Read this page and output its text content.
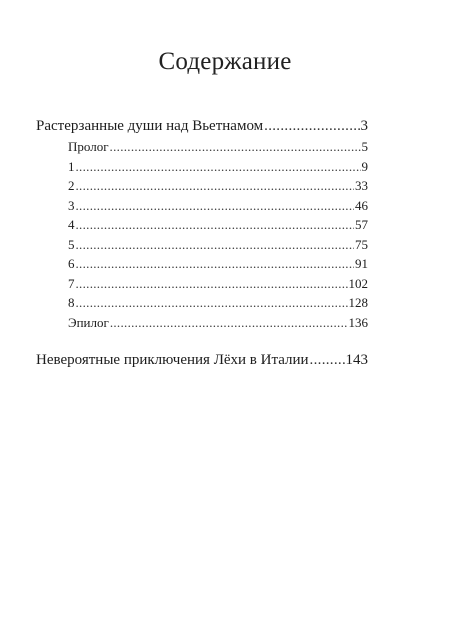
Содержание
Растерзанные души над Вьетнамом .....	3
Пролог .....	5
1 .....	9
2 .....	33
3 .....	46
4 .....	57
5 .....	75
6 .....	91
7 .....	102
8 .....	128
Эпилог .....	136
Невероятные приключения Лёхи в Италии ..... 143
